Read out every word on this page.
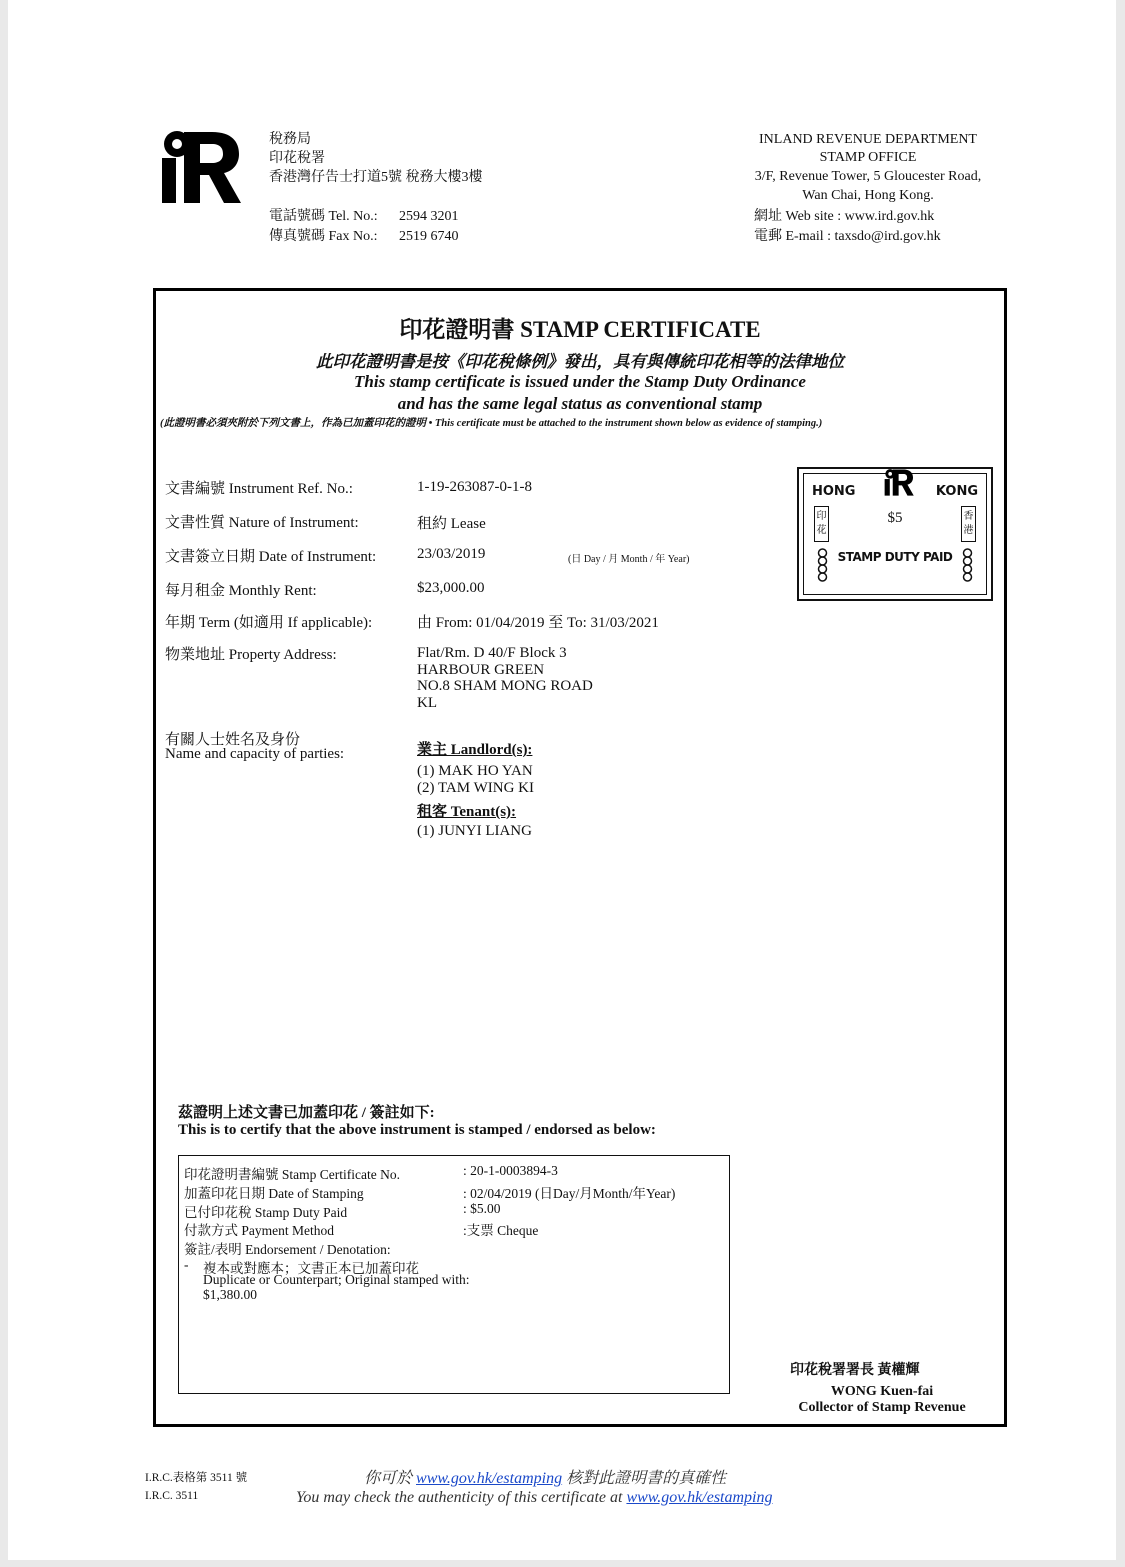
稅務局
印花稅署
香港灣仔告士打道5號 稅務大樓3樓
電話號碼 Tel. No.: 2594 3201
傳真號碼 Fax No.: 2519 6740
INLAND REVENUE DEPARTMENT
STAMP OFFICE
3/F, Revenue Tower, 5 Gloucester Road,
Wan Chai, Hong Kong.
網址 Web site : www.ird.gov.hk
電郵 E-mail : taxsdo@ird.gov.hk
印花證明書 STAMP CERTIFICATE
此印花證明書是按《印花稅條例》發出，具有與傳統印花相等的法律地位
This stamp certificate is issued under the Stamp Duty Ordinance
and has the same legal status as conventional stamp
(此證明書必須夾附於下列文書上，作為已加蓋印花的證明 • This certificate must be attached to the instrument shown below as evidence of stamping.)
文書編號 Instrument Ref. No.:	1-19-263087-0-1-8
文書性質 Nature of Instrument:	租約 Lease
文書簽立日期 Date of Instrument:	23/03/2019	(日 Day / 月 Month / 年 Year)
每月租金 Monthly Rent:	$23,000.00
年期 Term (如適用 If applicable):	由 From: 01/04/2019 至 To: 31/03/2021
物業地址 Property Address:	Flat/Rm. D 40/F Block 3
HARBOUR GREEN
NO.8 SHAM MONG ROAD
KL
有關人士姓名及身份
Name and capacity of parties:	業主 Landlord(s):
(1) MAK HO YAN
(2) TAM WING KI
租客 Tenant(s):
(1) JUNYI LIANG
HONG	KONG
$5
印花
香港
STAMP DUTY PAID
茲證明上述文書已加蓋印花 / 簽註如下:
This is to certify that the above instrument is stamped / endorsed as below:
印花證明書編號 Stamp Certificate No.	: 20-1-0003894-3
加蓋印花日期 Date of Stamping	: 02/04/2019 (日Day/月Month/年Year)
已付印花稅 Stamp Duty Paid	: $5.00
付款方式 Payment Method	:支票 Cheque
簽註/表明 Endorsement / Denotation:
- 複本或對應本；文書正本已加蓋印花
Duplicate or Counterpart; Original stamped with:
$1,380.00
印花稅署署長 黃權輝
WONG Kuen-fai
Collector of Stamp Revenue
I.R.C.表格第 3511 號
I.R.C. 3511
你可於 www.gov.hk/estamping 核對此證明書的真確性
You may check the authenticity of this certificate at www.gov.hk/estamping
